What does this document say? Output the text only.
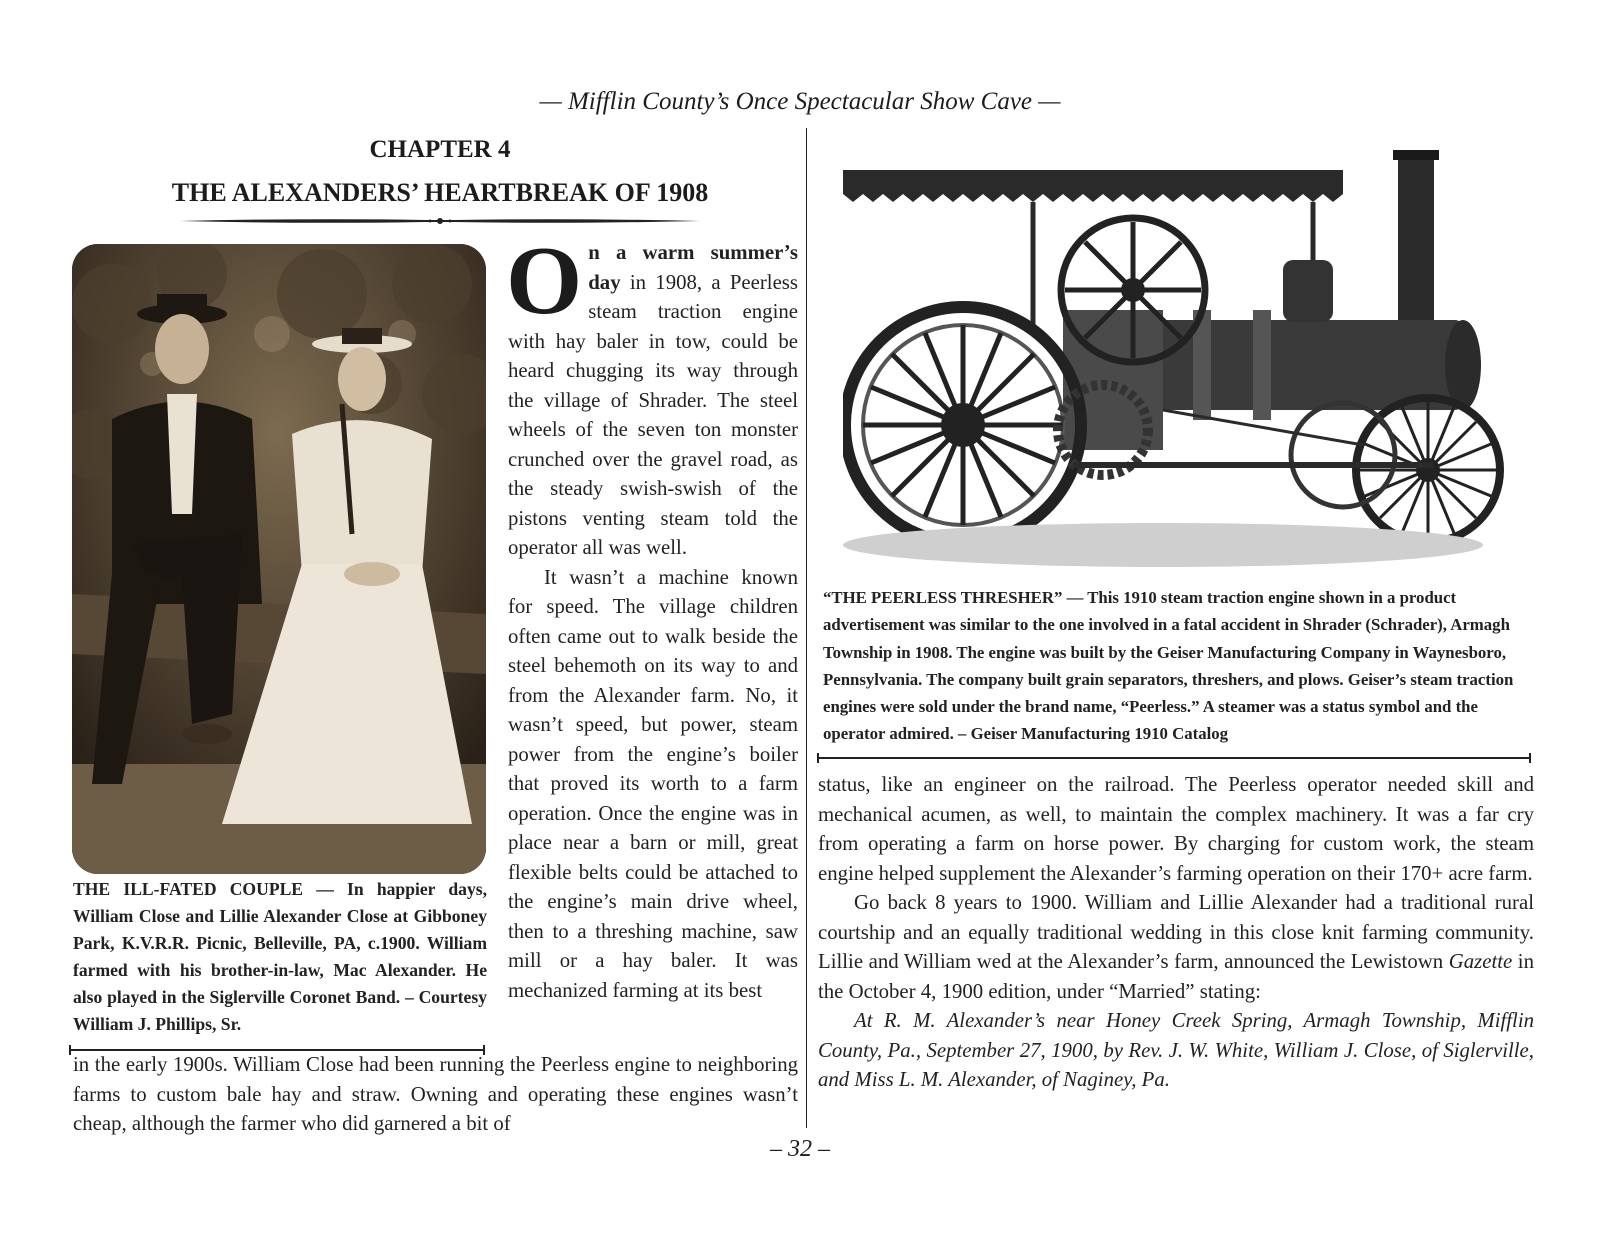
— Mifflin County’s Once Spectacular Show Cave —
CHAPTER 4
THE ALEXANDERS’ HEARTBREAK OF 1908
THE ILL-FATED COUPLE — In happier days, William Close and Lillie Alexander Close at Gibboney Park, K.V.R.R. Picnic, Belleville, PA, c.1900. William farmed with his brother-in-law, Mac Alexander. He also played in the Siglerville Coronet Band. – Courtesy William J. Phillips, Sr.

On a warm summer’s day in 1908, a Peerless steam traction engine with hay baler in tow, could be heard chugging its way through the village of Shrader. The steel wheels of the seven ton monster crunched over the gravel road, as the steady swish-swish of the pistons venting steam told the operator all was well.

It wasn’t a machine known for speed. The village children often came out to walk beside the steel behemoth on its way to and from the Alexander farm. No, it wasn’t speed, but power, steam power from the engine’s boiler that proved its worth to a farm operation. Once the engine was in place near a barn or mill, great flexible belts could be attached to the engine’s main drive wheel, then to a threshing machine, saw mill or a hay baler. It was mechanized farming at its best

in the early 1900s. William Close had been running the Peerless engine to neighboring farms to custom bale hay and straw. Owning and operating these engines wasn’t cheap, although the farmer who did garnered a bit of
“THE PEERLESS THRESHER” — This 1910 steam traction engine shown in a product advertisement was similar to the one involved in a fatal accident in Shrader (Schrader), Armagh Township in 1908. The engine was built by the Geiser Manufacturing Company in Waynesboro, Pennsylvania. The company built grain separators, threshers, and plows. Geiser’s steam traction engines were sold under the brand name, “Peerless.” A steamer was a status symbol and the operator admired. – Geiser Manufacturing 1910 Catalog

status, like an engineer on the railroad. The Peerless operator needed skill and mechanical acumen, as well, to maintain the complex machinery. It was a far cry from operating a farm on horse power. By charging for custom work, the steam engine helped supplement the Alexander’s farming operation on their 170+ acre farm.

Go back 8 years to 1900. William and Lillie Alexander had a traditional rural courtship and an equally traditional wedding in this close knit farming community. Lillie and William wed at the Alexander’s farm, announced the Lewistown Gazette in the October 4, 1900 edition, under “Married” stating:

At R. M. Alexander’s near Honey Creek Spring, Armagh Township, Mifflin County, Pa., September 27, 1900, by Rev. J. W. White, William J. Close, of Siglerville, and Miss L. M. Alexander, of Naginey, Pa.

– 32 –
